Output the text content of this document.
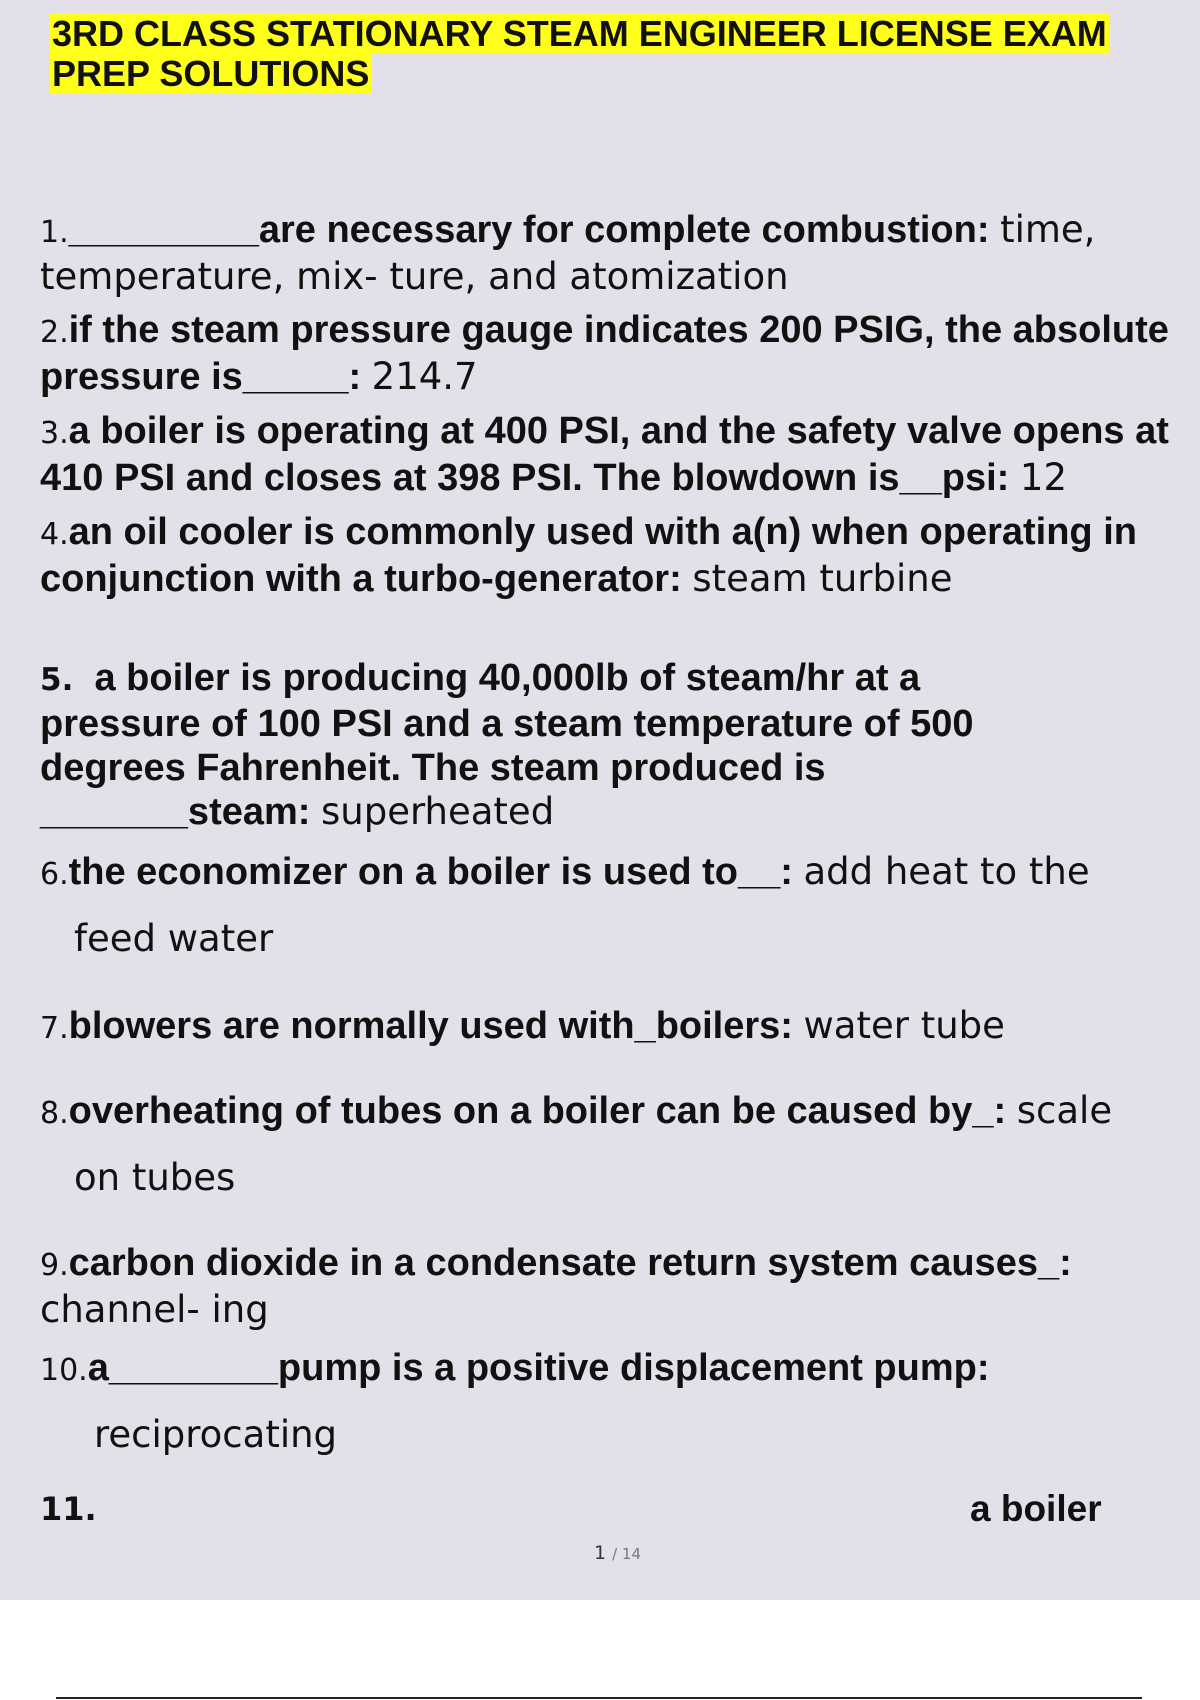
3RD CLASS STATIONARY STEAM ENGINEER LICENSE EXAM PREP SOLUTIONS
1._________are necessary for complete combustion: time, temperature, mix- ture, and atomization
2.if the steam pressure gauge indicates 200 PSIG, the absolute pressure is_____: 214.7
3.a boiler is operating at 400 PSI, and the safety valve opens at 410 PSI and closes at 398 PSI. The blowdown is__psi: 12
4.an oil cooler is commonly used with a(n) when operating in conjunction with a turbo-generator: steam turbine
5. a boiler is producing 40,000lb of steam/hr at a pressure of 100 PSI and a steam temperature of 500 degrees Fahrenheit. The steam produced is _______steam: superheated
6.the economizer on a boiler is used to__: add heat to the
feed water
7.blowers are normally used with_boilers: water tube
8.overheating of tubes on a boiler can be caused by_: scale
on tubes
9.carbon dioxide in a condensate return system causes_: channel- ing
10.a________pump is a positive displacement pump:
reciprocating
11.	a boiler
1 / 14
